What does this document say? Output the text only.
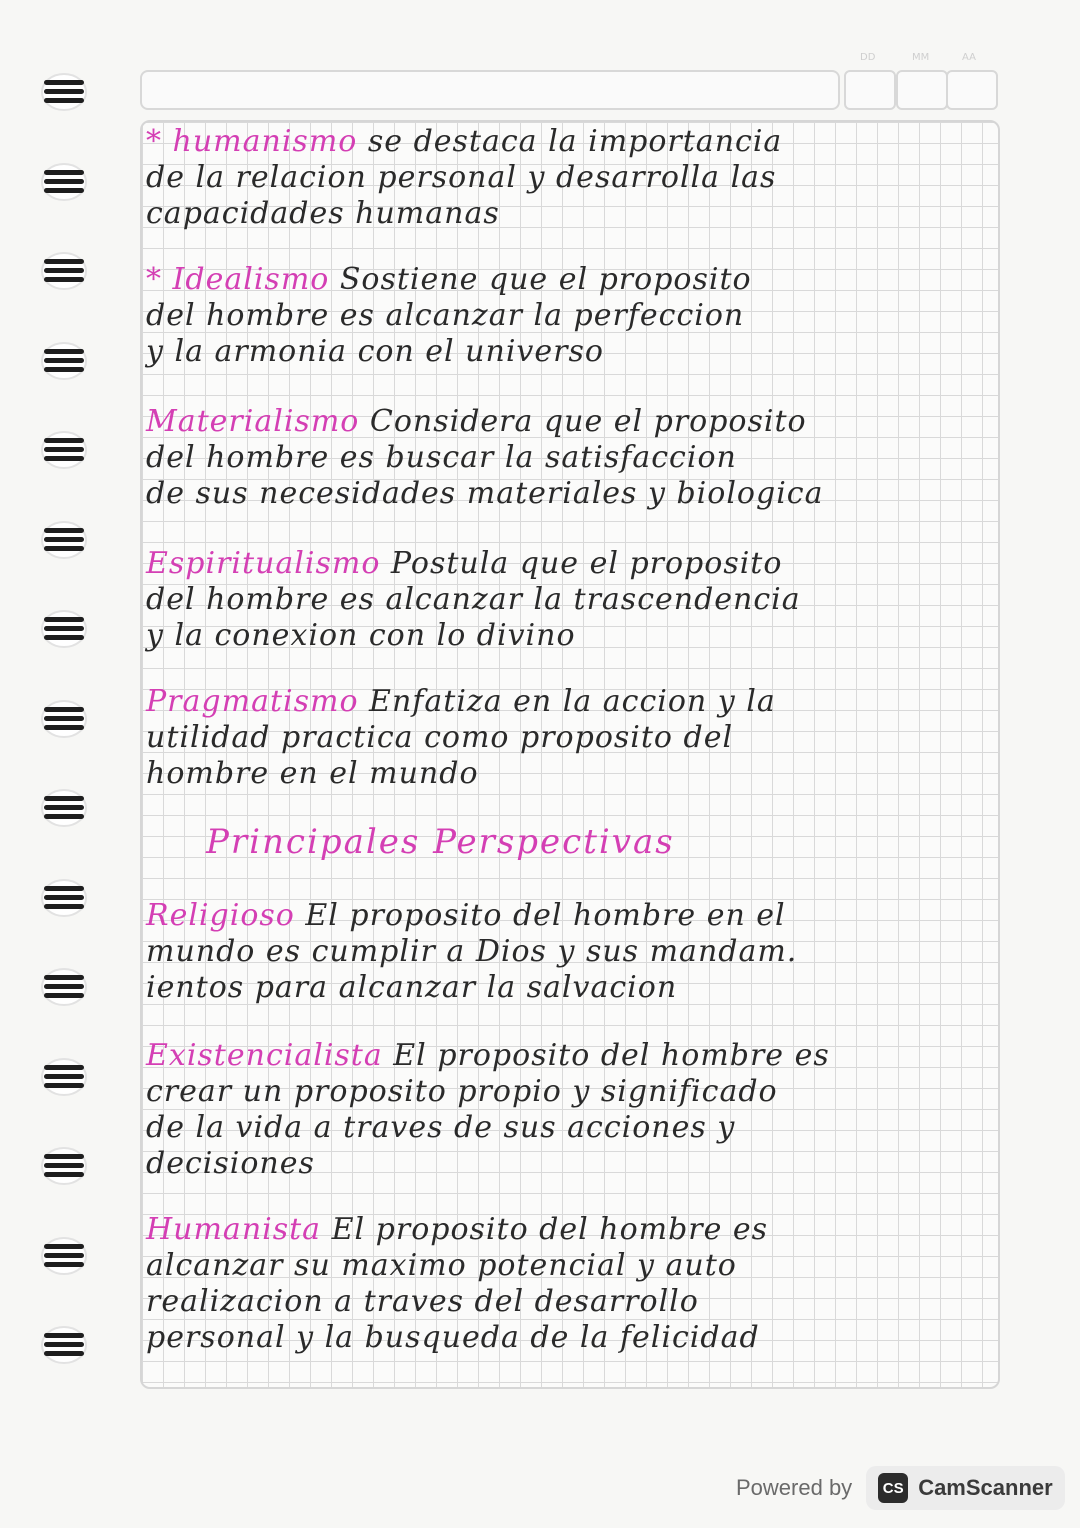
DD	MM	AA
* humanismo se destaca la importancia
de la relacion personal y desarrolla las
capacidades humanas
* Idealismo Sostiene que el proposito
del hombre es alcanzar la perfeccion
y la armonia con el universo
Materialismo Considera que el proposito
del hombre es buscar la satisfaccion
de sus necesidades materiales y biologica
Espiritualismo Postula que el proposito
del hombre es alcanzar la trascendencia
y la conexion con lo divino
Pragmatismo Enfatiza en la accion y la
utilidad practica como proposito del
hombre en el mundo
Principales Perspectivas
Religioso El proposito del hombre en el
mundo es cumplir a Dios y sus mandam.
ientos para alcanzar la salvacion
Existencialista El proposito del hombre es
crear un proposito propio y significado
de la vida a traves de sus acciones y
decisiones
Humanista El proposito del hombre es
alcanzar su maximo potencial y auto
realizacion a traves del desarrollo
personal y la busqueda de la felicidad
Powered by	CS CamScanner
